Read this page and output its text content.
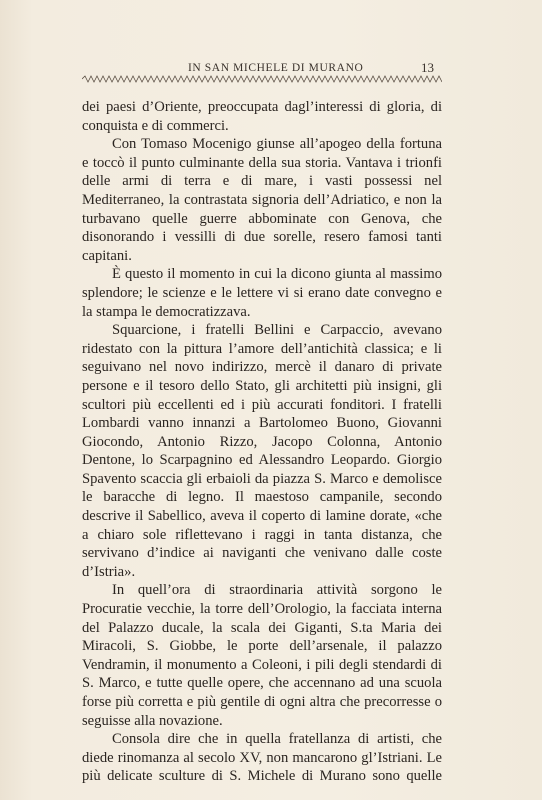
IN SAN MICHELE DI MURANO	13

dei paesi d’Oriente, preoccupata dagl’interessi di gloria, di conquista e di commerci.

Con Tomaso Mocenigo giunse all’apogeo della fortuna e toccò il punto culminante della sua storia. Vantava i trionfi delle armi di terra e di mare, i vasti possessi nel Mediterraneo, la contrastata signoria dell’Adriatico, e non la turbavano quelle guerre abbominate con Genova, che disonorando i vessilli di due sorelle, resero famosi tanti capitani.

È questo il momento in cui la dicono giunta al massimo splendore; le scienze e le lettere vi si erano date convegno e la stampa le democratizzava.

Squarcione, i fratelli Bellini e Carpaccio, avevano ridestato con la pittura l’amore dell’antichità classica; e li seguivano nel novo indirizzo, mercè il danaro di private persone e il tesoro dello Stato, gli architetti più insigni, gli scultori più eccellenti ed i più accurati fonditori. I fratelli Lombardi vanno innanzi a Bartolomeo Buono, Giovanni Giocondo, Antonio Rizzo, Jacopo Colonna, Antonio Dentone, lo Scarpagnino ed Alessandro Leopardo. Giorgio Spavento scaccia gli erbaioli da piazza S. Marco e demolisce le baracche di legno. Il maestoso campanile, secondo descrive il Sabellico, aveva il coperto di lamine dorate, «che a chiaro sole riflettevano i raggi in tanta distanza, che servivano d’indice ai naviganti che venivano dalle coste d’Istria».

In quell’ora di straordinaria attività sorgono le Procuratie vecchie, la torre dell’Orologio, la facciata interna del Palazzo ducale, la scala dei Giganti, S.ta Maria dei Miracoli, S. Giobbe, le porte dell’arsenale, il palazzo Vendramin, il monumento a Coleoni, i pili degli stendardi di S. Marco, e tutte quelle opere, che accennano ad una scuola forse più corretta e più gentile di ogni altra che precorresse o seguisse alla novazione.

Consola dire che in quella fratellanza di artisti, che diede rinomanza al secolo XV, non mancarono gl’Istriani. Le più delicate sculture di S. Michele di Murano sono quelle
